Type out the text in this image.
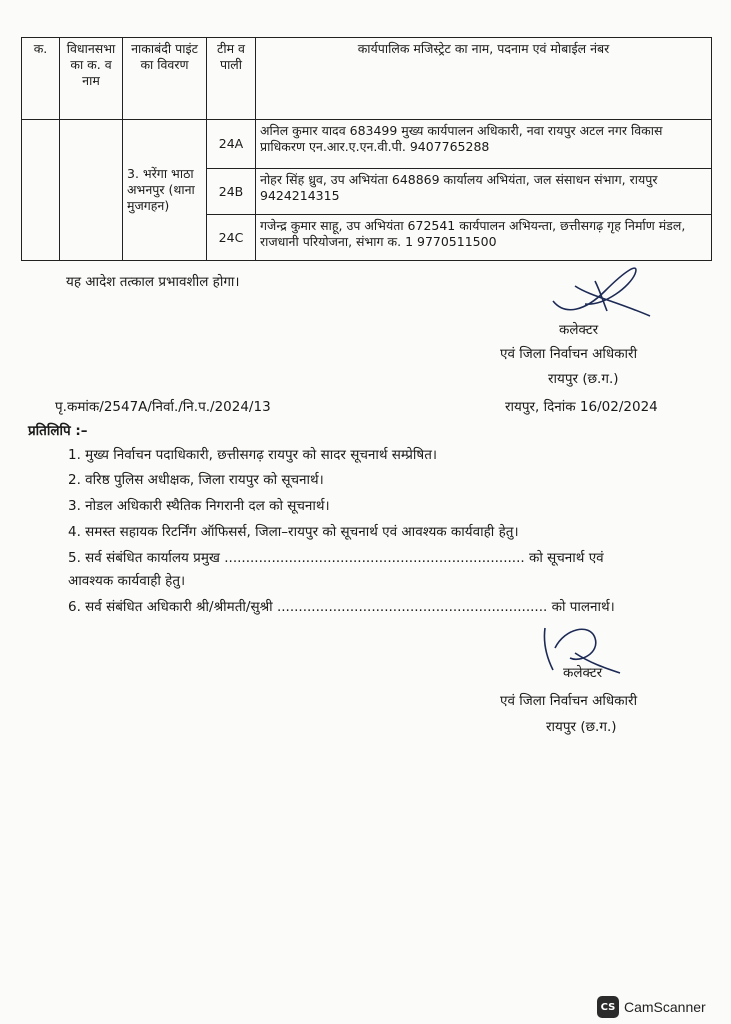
क.	विधानसभा का क. व नाम	नाकाबंदी पाइंट का विवरण	टीम व पाली	कार्यपालिक मजिस्ट्रेट का नाम, पदनाम एवं मोबाईल नंबर
		3. भरेंगा भाठा अभनपुर (थाना मुजगहन)	24A	अनिल कुमार यादव 683499 मुख्य कार्यपालन अधिकारी, नवा रायपुर अटल नगर विकास प्राधिकरण एन.आर.ए.एन.वी.पी. 9407765288
			24B	नोहर सिंह ध्रुव, उप अभियंता 648869 कार्यालय अभियंता, जल संसाधन संभाग, रायपुर 9424214315
			24C	गजेन्द्र कुमार साहू, उप अभियंता 672541 कार्यपालन अभियन्ता, छत्तीसगढ़ गृह निर्माण मंडल, राजधानी परियोजना, संभाग क. 1 9770511500
यह आदेश तत्काल प्रभावशील होगा।
कलेक्टर
एवं जिला निर्वाचन अधिकारी
रायपुर (छ.ग.)
पृ.कमांक/2547A/निर्वा./नि.प./2024/13	रायपुर, दिनांक 16/02/2024
प्रतिलिपि :–
1. मुख्य निर्वाचन पदाधिकारी, छत्तीसगढ़ रायपुर को सादर सूचनार्थ सम्प्रेषित।
2. वरिष्ठ पुलिस अधीक्षक, जिला रायपुर को सूचनार्थ।
3. नोडल अधिकारी स्थैतिक निगरानी दल को सूचनार्थ।
4. समस्त सहायक रिटर्निंग ऑफिसर्स, जिला–रायपुर को सूचनार्थ एवं आवश्यक कार्यवाही हेतु।
5. सर्व संबंधित कार्यालय प्रमुख ...................................................................... को सूचनार्थ एवं
आवश्यक कार्यवाही हेतु।
6. सर्व संबंधित अधिकारी श्री/श्रीमती/सुश्री ............................................................... को पालनार्थ।
कलेक्टर
एवं जिला निर्वाचन अधिकारी
रायपुर (छ.ग.)
CS CamScanner
